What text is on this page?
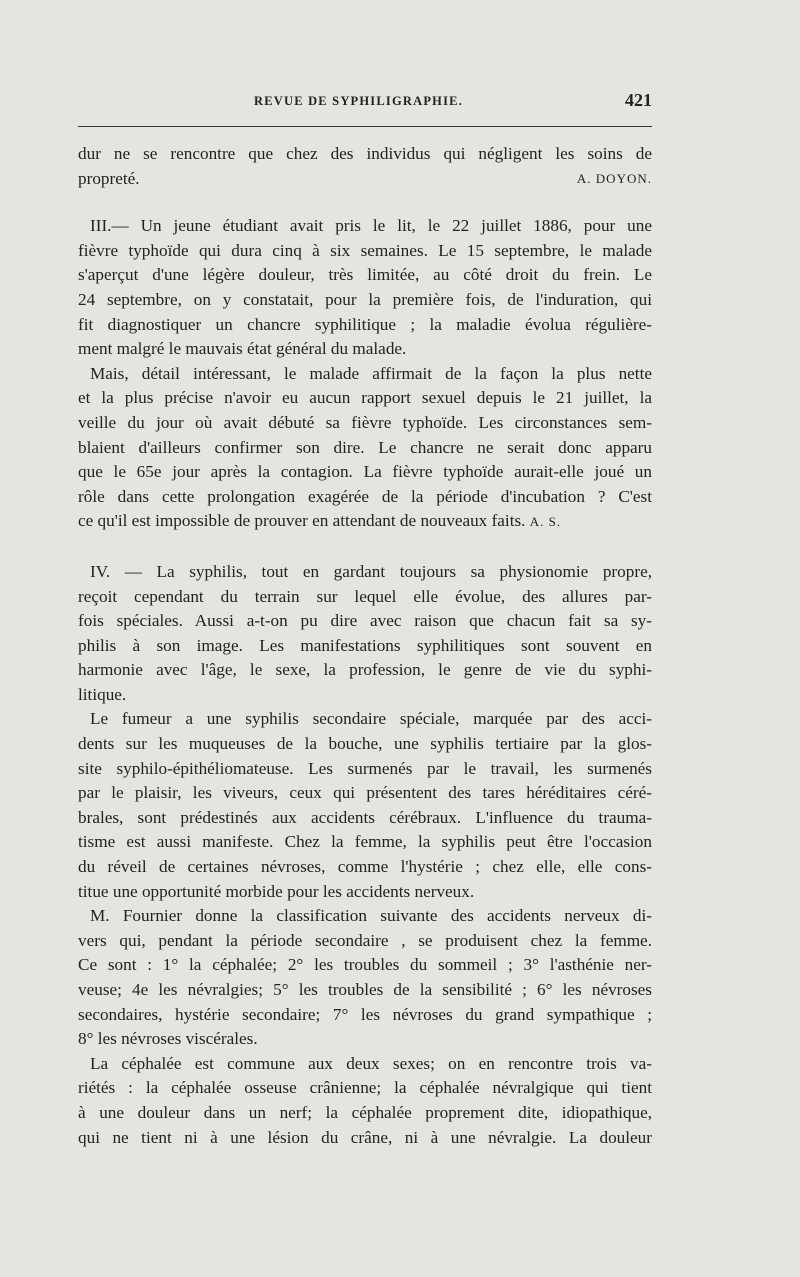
REVUE DE SYPHILIGRAPHIE.	421

dur ne se rencontre que chez des individus qui négligent les soins de

propreté.	A. DOYON.

III.— Un jeune étudiant avait pris le lit, le 22 juillet 1886, pour une

fièvre typhoïde qui dura cinq à six semaines. Le 15 septembre, le malade

s'aperçut d'une légère douleur, très limitée, au côté droit du frein. Le

24 septembre, on y constatait, pour la première fois, de l'induration, qui

fit diagnostiquer un chancre syphilitique ; la maladie évolua régulière-

ment malgré le mauvais état général du malade.

Mais, détail intéressant, le malade affirmait de la façon la plus nette

et la plus précise n'avoir eu aucun rapport sexuel depuis le 21 juillet, la

veille du jour où avait débuté sa fièvre typhoïde. Les circonstances sem-

blaient d'ailleurs confirmer son dire. Le chancre ne serait donc apparu

que le 65e jour après la contagion. La fièvre typhoïde aurait-elle joué un

rôle dans cette prolongation exagérée de la période d'incubation ? C'est

ce qu'il est impossible de prouver en attendant de nouveaux faits. A. S.

IV. — La syphilis, tout en gardant toujours sa physionomie propre,

reçoit cependant du terrain sur lequel elle évolue, des allures par-

fois spéciales. Aussi a-t-on pu dire avec raison que chacun fait sa sy-

philis à son image. Les manifestations syphilitiques sont souvent en

harmonie avec l'âge, le sexe, la profession, le genre de vie du syphi-

litique.

Le fumeur a une syphilis secondaire spéciale, marquée par des acci-

dents sur les muqueuses de la bouche, une syphilis tertiaire par la glos-

site syphilo-épithéliomateuse. Les surmenés par le travail, les surmenés

par le plaisir, les viveurs, ceux qui présentent des tares héréditaires céré-

brales, sont prédestinés aux accidents cérébraux. L'influence du trauma-

tisme est aussi manifeste. Chez la femme, la syphilis peut être l'occasion

du réveil de certaines névroses, comme l'hystérie ; chez elle, elle cons-

titue une opportunité morbide pour les accidents nerveux.

M. Fournier donne la classification suivante des accidents nerveux di-

vers qui, pendant la période secondaire , se produisent chez la femme.

Ce sont : 1° la céphalée; 2° les troubles du sommeil ; 3° l'asthénie ner-

veuse; 4e les névralgies; 5° les troubles de la sensibilité ; 6° les névroses

secondaires, hystérie secondaire; 7° les névroses du grand sympathique ;

8° les névroses viscérales.

La céphalée est commune aux deux sexes; on en rencontre trois va-

riétés : la céphalée osseuse crânienne; la céphalée névralgique qui tient

à une douleur dans un nerf; la céphalée proprement dite, idiopathique,

qui ne tient ni à une lésion du crâne, ni à une névralgie. La douleur
